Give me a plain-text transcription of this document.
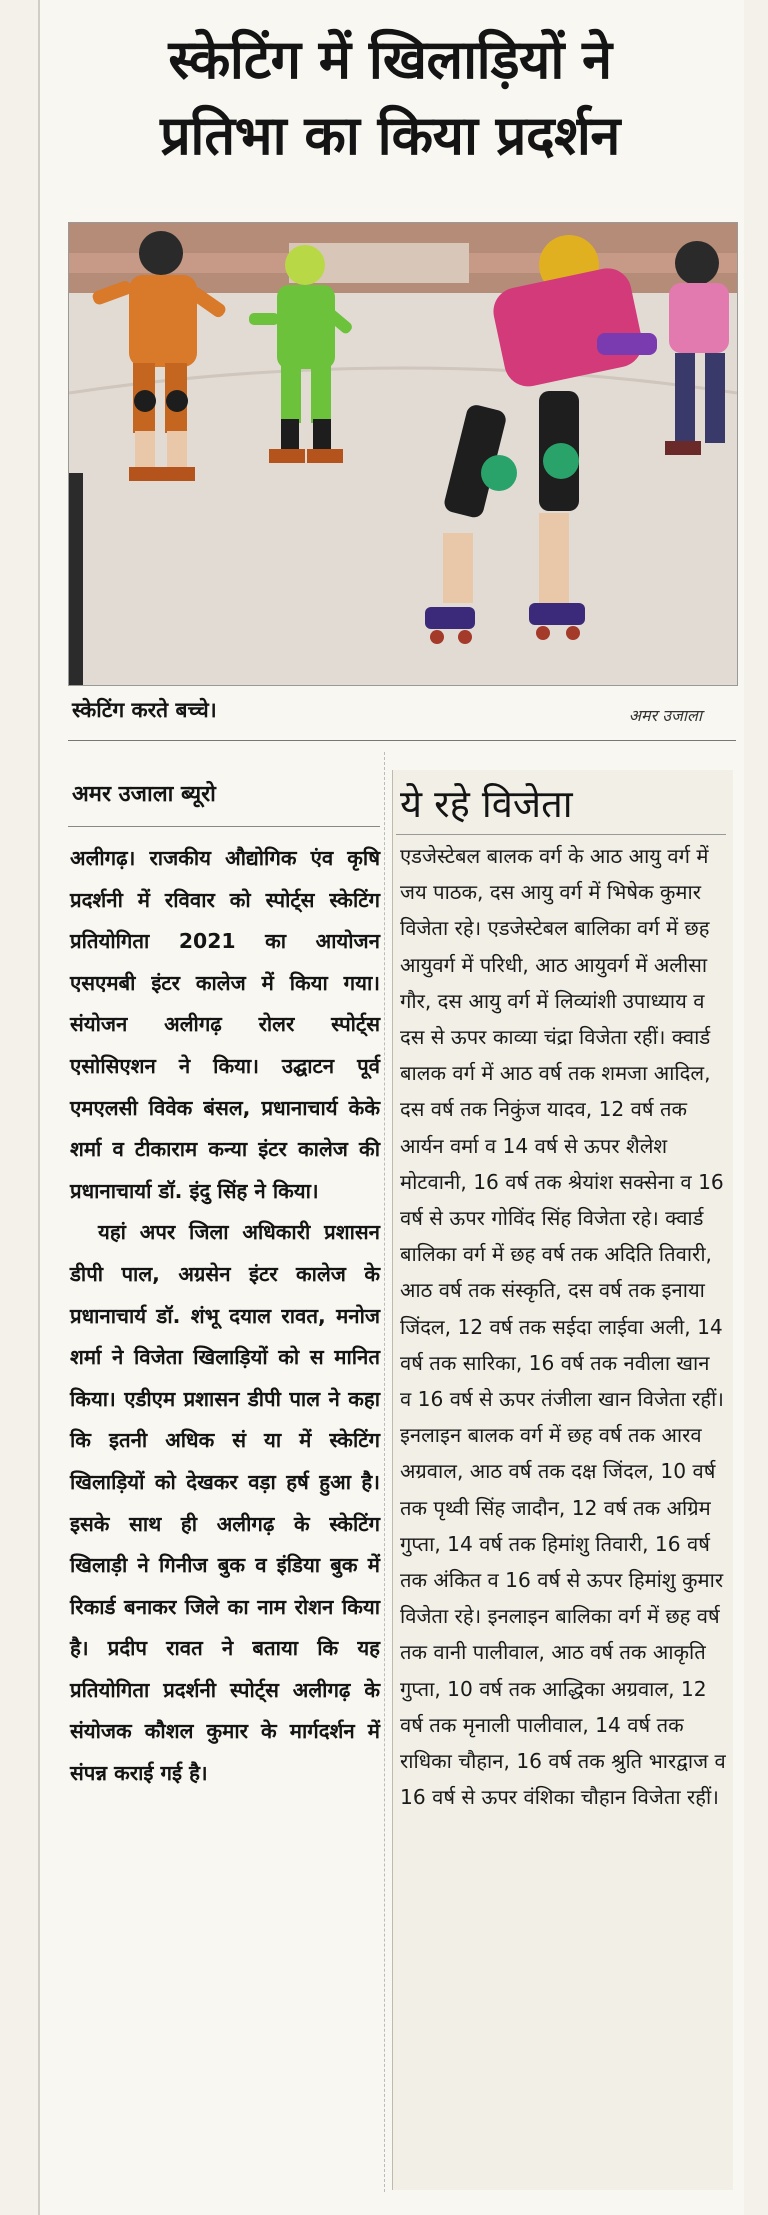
स्केटिंग में खिलाड़ियों ने
प्रतिभा का किया प्रदर्शन
स्केटिंग करते बच्चे।	अमर उजाला
अमर उजाला ब्यूरो

अलीगढ़। राजकीय औद्योगिक एंव कृषि प्रदर्शनी में रविवार को स्पोर्ट्स स्केटिंग प्रतियोगिता 2021 का आयोजन एसएमबी इंटर कालेज में किया गया। संयोजन अलीगढ़ रोलर स्पोर्ट्स एसोसिएशन ने किया। उद्घाटन पूर्व एमएलसी विवेक बंसल, प्रधानाचार्य केके शर्मा व टीकाराम कन्या इंटर कालेज की प्रधानाचार्या डॉ. इंदु सिंह ने किया।

यहां अपर जिला अधिकारी प्रशासन डीपी पाल, अग्रसेन इंटर कालेज के प्रधानाचार्य डॉ. शंभू दयाल रावत, मनोज शर्मा ने विजेता खिलाड़ियों को स मानित किया। एडीएम प्रशासन डीपी पाल ने कहा कि इतनी अधिक सं या में स्केटिंग खिलाड़ियों को देखकर वड़ा हर्ष हुआ है। इसके साथ ही अलीगढ़ के स्केटिंग खिलाड़ी ने गिनीज बुक व इंडिया बुक में रिकार्ड बनाकर जिले का नाम रोशन किया है। प्रदीप रावत ने बताया कि यह प्रतियोगिता प्रदर्शनी स्पोर्ट्स अलीगढ़ के संयोजक कौशल कुमार के मार्गदर्शन में संपन्न कराई गई है।

ये रहे विजेता
एडजेस्टेबल बालक वर्ग के आठ आयु वर्ग में जय पाठक, दस आयु वर्ग में भिषेक कुमार विजेता रहे। एडजेस्टेबल बालिका वर्ग में छह आयुवर्ग में परिधी, आठ आयुवर्ग में अलीसा गौर, दस आयु वर्ग में लिव्यांशी उपाध्याय व दस से ऊपर काव्या चंद्रा विजेता रहीं। क्वार्ड बालक वर्ग में आठ वर्ष तक शमजा आदिल, दस वर्ष तक निकुंज यादव, 12 वर्ष तक आर्यन वर्मा व 14 वर्ष से ऊपर शैलेश मोटवानी, 16 वर्ष तक श्रेयांश सक्सेना व 16 वर्ष से ऊपर गोविंद सिंह विजेता रहे। क्वार्ड बालिका वर्ग में छह वर्ष तक अदिति तिवारी, आठ वर्ष तक संस्कृति, दस वर्ष तक इनाया जिंदल, 12 वर्ष तक सईदा लाईवा अली, 14 वर्ष तक सारिका, 16 वर्ष तक नवीला खान व 16 वर्ष से ऊपर तंजीला खान विजेता रहीं। इनलाइन बालक वर्ग में छह वर्ष तक आरव अग्रवाल, आठ वर्ष तक दक्ष जिंदल, 10 वर्ष तक पृथ्वी सिंह जादौन, 12 वर्ष तक अग्रिम गुप्ता, 14 वर्ष तक हिमांशु तिवारी, 16 वर्ष तक अंकित व 16 वर्ष से ऊपर हिमांशु कुमार विजेता रहे। इनलाइन बालिका वर्ग में छह वर्ष तक वानी पालीवाल, आठ वर्ष तक आकृति गुप्ता, 10 वर्ष तक आद्धिका अग्रवाल, 12 वर्ष तक मृनाली पालीवाल, 14 वर्ष तक राधिका चौहान, 16 वर्ष तक श्रुति भारद्वाज व 16 वर्ष से ऊपर वंशिका चौहान विजेता रहीं।
